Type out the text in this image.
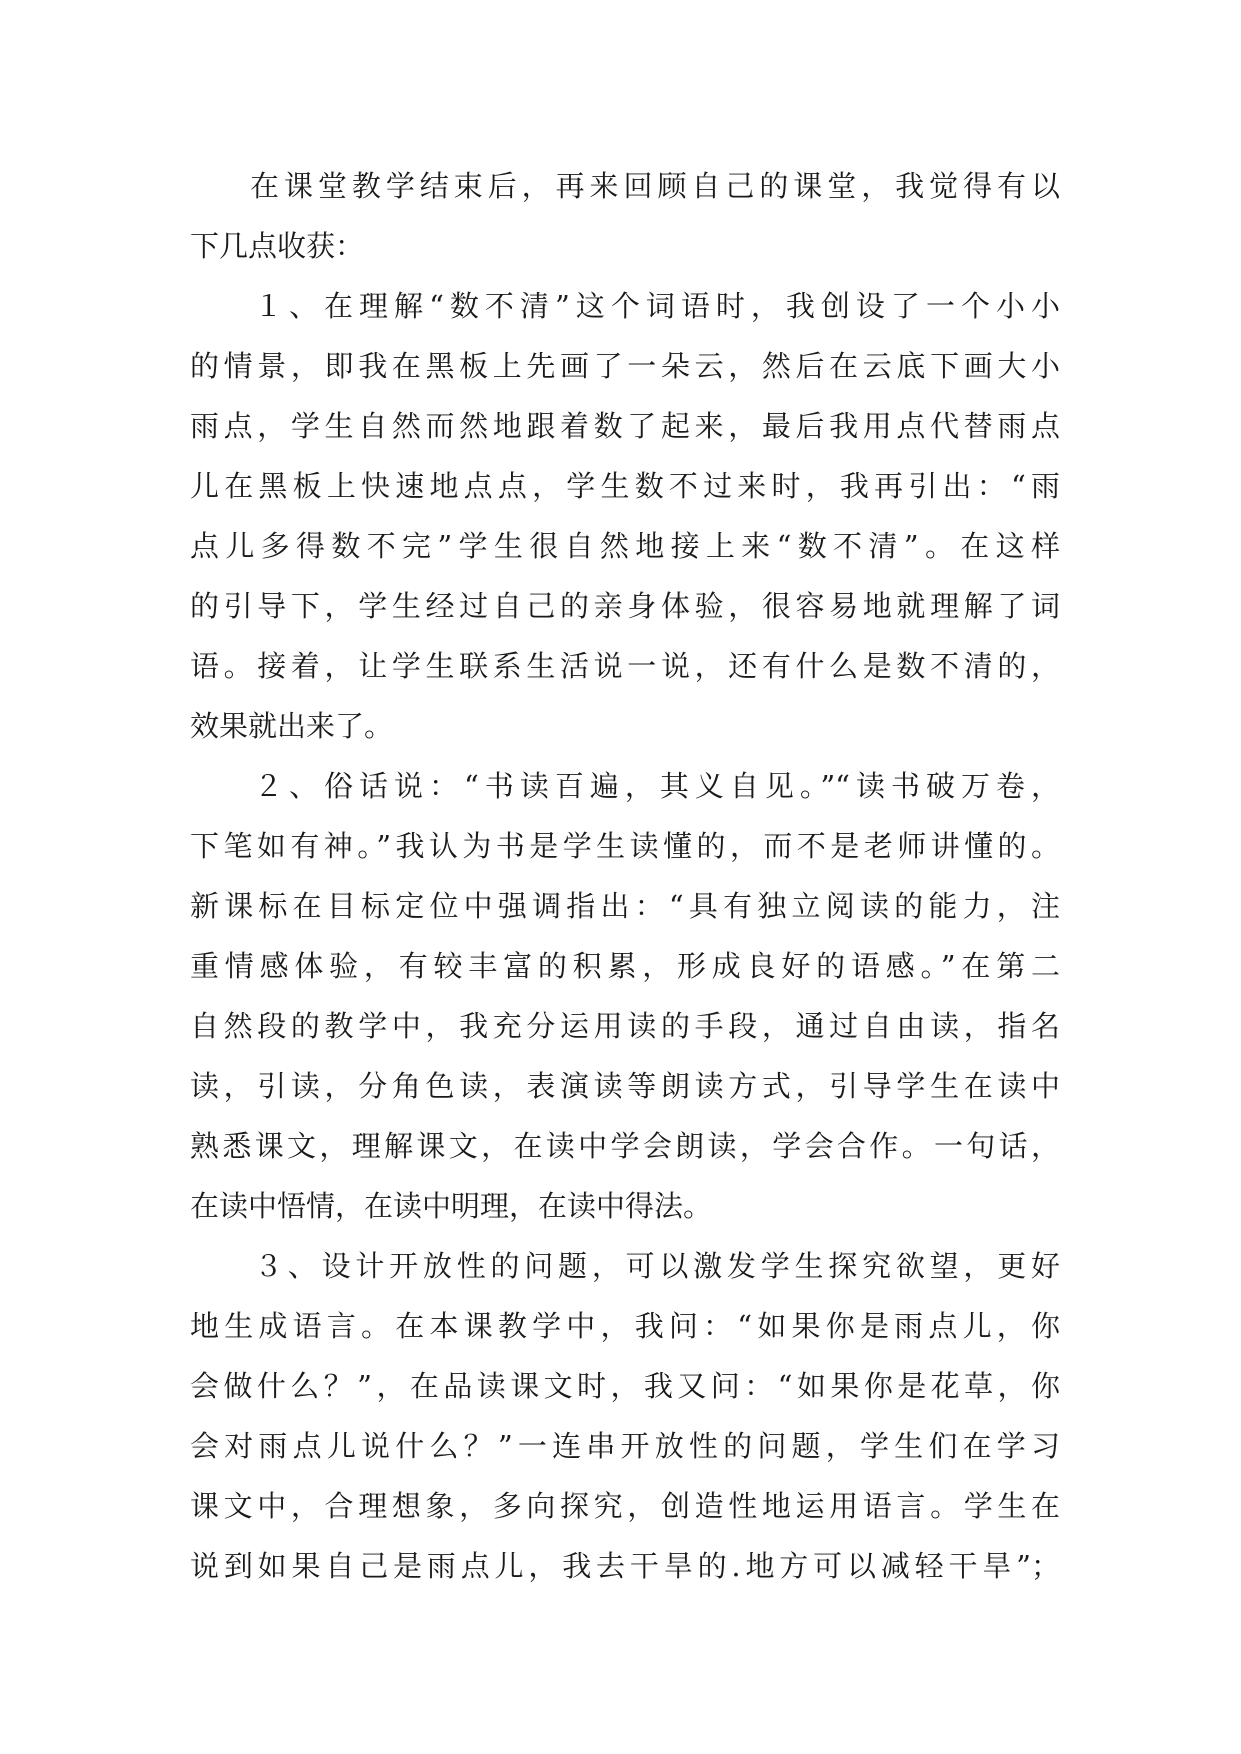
在课堂教学结束后，再来回顾自己的课堂，我觉得有以
下几点收获：
１、在理解“数不清”这个词语时，我创设了一个小小
的情景，即我在黑板上先画了一朵云，然后在云底下画大小
雨点，学生自然而然地跟着数了起来，最后我用点代替雨点
儿在黑板上快速地点点，学生数不过来时，我再引出：“雨
点儿多得数不完”学生很自然地接上来“数不清”。在这样
的引导下，学生经过自己的亲身体验，很容易地就理解了词
语。接着，让学生联系生活说一说，还有什么是数不清的，
效果就出来了。
２、俗话说：“书读百遍，其义自见。”“读书破万卷，
下笔如有神。”我认为书是学生读懂的，而不是老师讲懂的。
新课标在目标定位中强调指出：“具有独立阅读的能力，注
重情感体验，有较丰富的积累，形成良好的语感。”在第二
自然段的教学中，我充分运用读的手段，通过自由读，指名
读，引读，分角色读，表演读等朗读方式，引导学生在读中
熟悉课文，理解课文，在读中学会朗读，学会合作。一句话，
在读中悟情，在读中明理，在读中得法。
３、设计开放性的问题，可以激发学生探究欲望，更好
地生成语言。在本课教学中，我问：“如果你是雨点儿，你
会做什么？”，在品读课文时，我又问：“如果你是花草，你
会对雨点儿说什么？”一连串开放性的问题，学生们在学习
课文中，合理想象，多向探究，创造性地运用语言。学生在
说到如果自己是雨点儿，我去干旱的.地方可以减轻干旱”；
